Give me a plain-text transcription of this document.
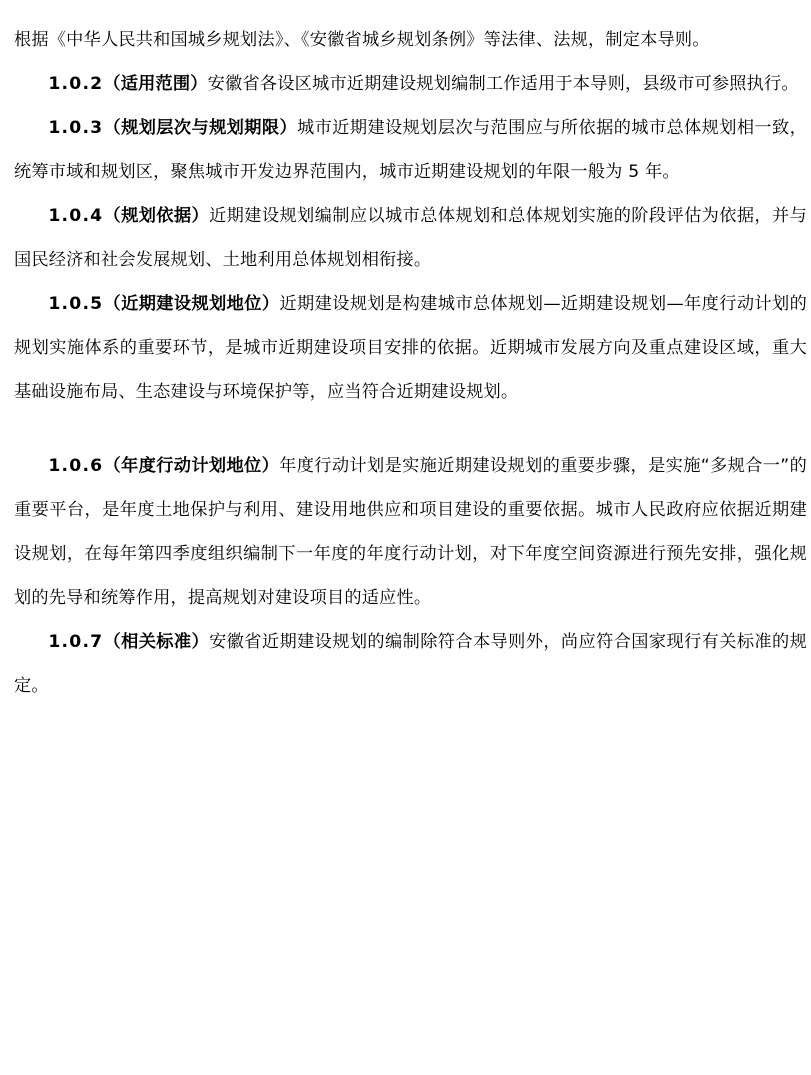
根据《中华人民共和国城乡规划法》、《安徽省城乡规划条例》等法律、法规，制定本导则。

1.0.2（适用范围）安徽省各设区城市近期建设规划编制工作适用于本导则，县级市可参照执行。

1.0.3（规划层次与规划期限）城市近期建设规划层次与范围应与所依据的城市总体规划相一致，统筹市域和规划区，聚焦城市开发边界范围内，城市近期建设规划的年限一般为 5 年。

1.0.4（规划依据）近期建设规划编制应以城市总体规划和总体规划实施的阶段评估为依据，并与国民经济和社会发展规划、土地利用总体规划相衔接。

1.0.5（近期建设规划地位）近期建设规划是构建城市总体规划—近期建设规划—年度行动计划的规划实施体系的重要环节，是城市近期建设项目安排的依据。近期城市发展方向及重点建设区域，重大基础设施布局、生态建设与环境保护等，应当符合近期建设规划。

1.0.6（年度行动计划地位）年度行动计划是实施近期建设规划的重要步骤，是实施“多规合一”的重要平台，是年度土地保护与利用、建设用地供应和项目建设的重要依据。城市人民政府应依据近期建设规划，在每年第四季度组织编制下一年度的年度行动计划，对下年度空间资源进行预先安排，强化规划的先导和统筹作用，提高规划对建设项目的适应性。

1.0.7（相关标准）安徽省近期建设规划的编制除符合本导则外，尚应符合国家现行有关标准的规定。
